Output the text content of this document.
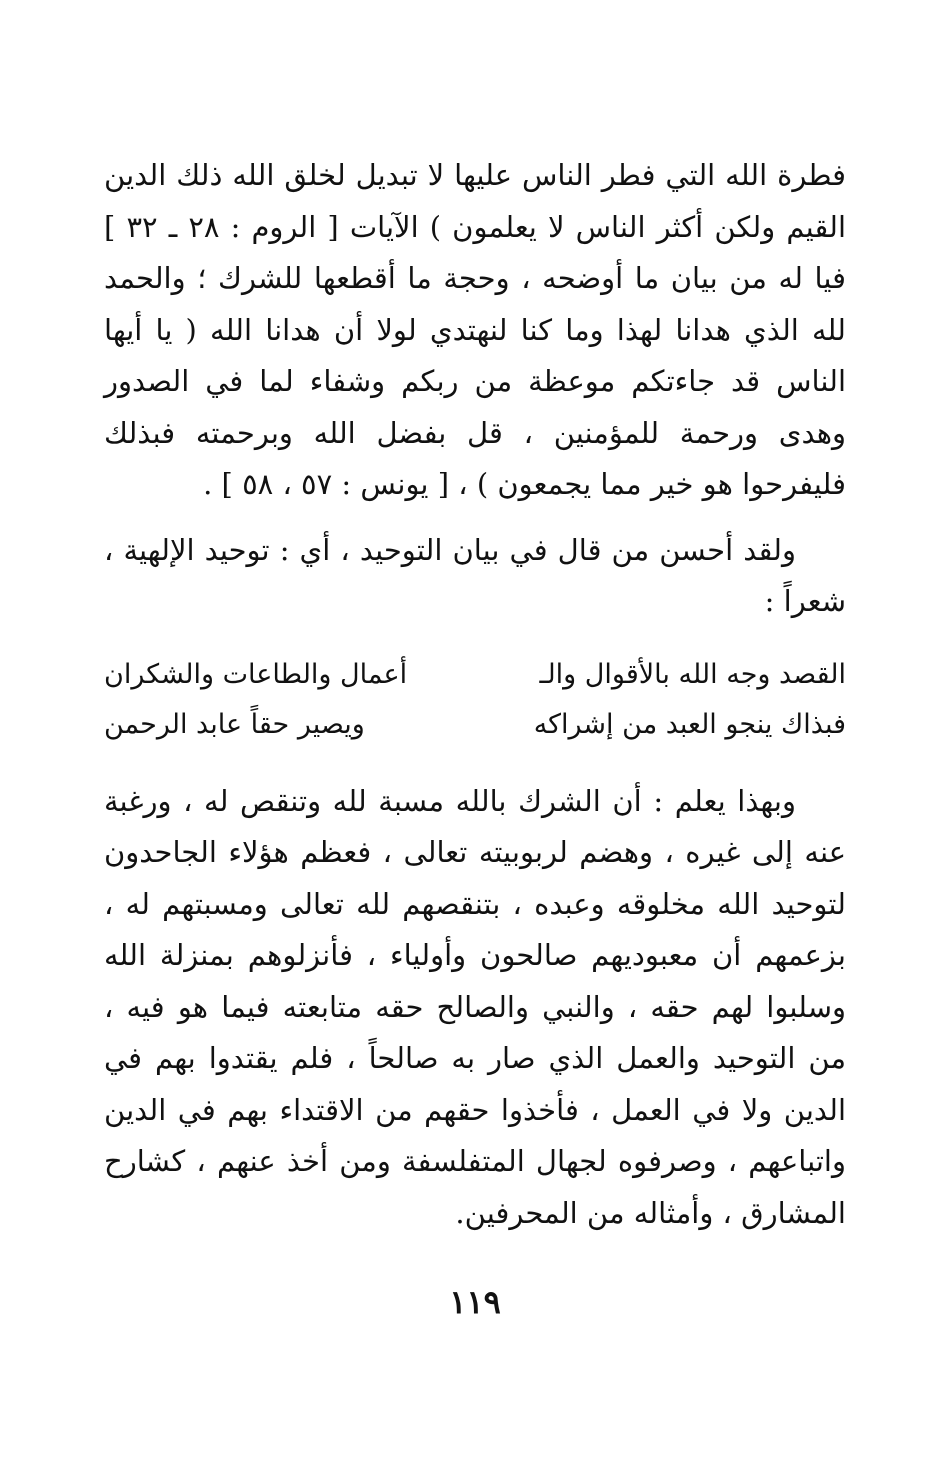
فطرة الله التي فطر الناس عليها لا تبديل لخلق الله ذلك الدين القيم ولكن أكثر الناس لا يعلمون ) الآيات [ الروم : ٢٨ ـ ٣٢ ] فيا له من بيان ما أوضحه ، وحجة ما أقطعها للشرك ؛ والحمد لله الذي هدانا لهذا وما كنا لنهتدي لولا أن هدانا الله ( يا أيها الناس قد جاءتكم موعظة من ربكم وشفاء لما في الصدور وهدى ورحمة للمؤمنين ، قل بفضل الله وبرحمته فبذلك فليفرحوا هو خير مما يجمعون ) ، [ يونس : ٥٧ ، ٥٨ ] .

ولقد أحسن من قال في بيان التوحيد ، أي : توحيد الإلهية ، شعراً :

القصد وجه الله بالأقوال والـ
أعمال والطاعات والشكران
فبذاك ينجو العبد من إشراكه
ويصير حقاً عابد الرحمن

وبهذا يعلم : أن الشرك بالله مسبة لله وتنقص له ، ورغبة عنه إلى غيره ، وهضم لربوبيته تعالى ، فعظم هؤلاء الجاحدون لتوحيد الله مخلوقه وعبده ، بتنقصهم لله تعالى ومسبتهم له ، بزعمهم أن معبوديهم صالحون وأولياء ، فأنزلوهم بمنزلة الله وسلبوا لهم حقه ، والنبي والصالح حقه متابعته فيما هو فيه ، من التوحيد والعمل الذي صار به صالحاً ، فلم يقتدوا بهم في الدين ولا في العمل ، فأخذوا حقهم من الاقتداء بهم في الدين واتباعهم ، وصرفوه لجهال المتفلسفة ومن أخذ عنهم ، كشارح المشارق ، وأمثاله من المحرفين.

١١٩
